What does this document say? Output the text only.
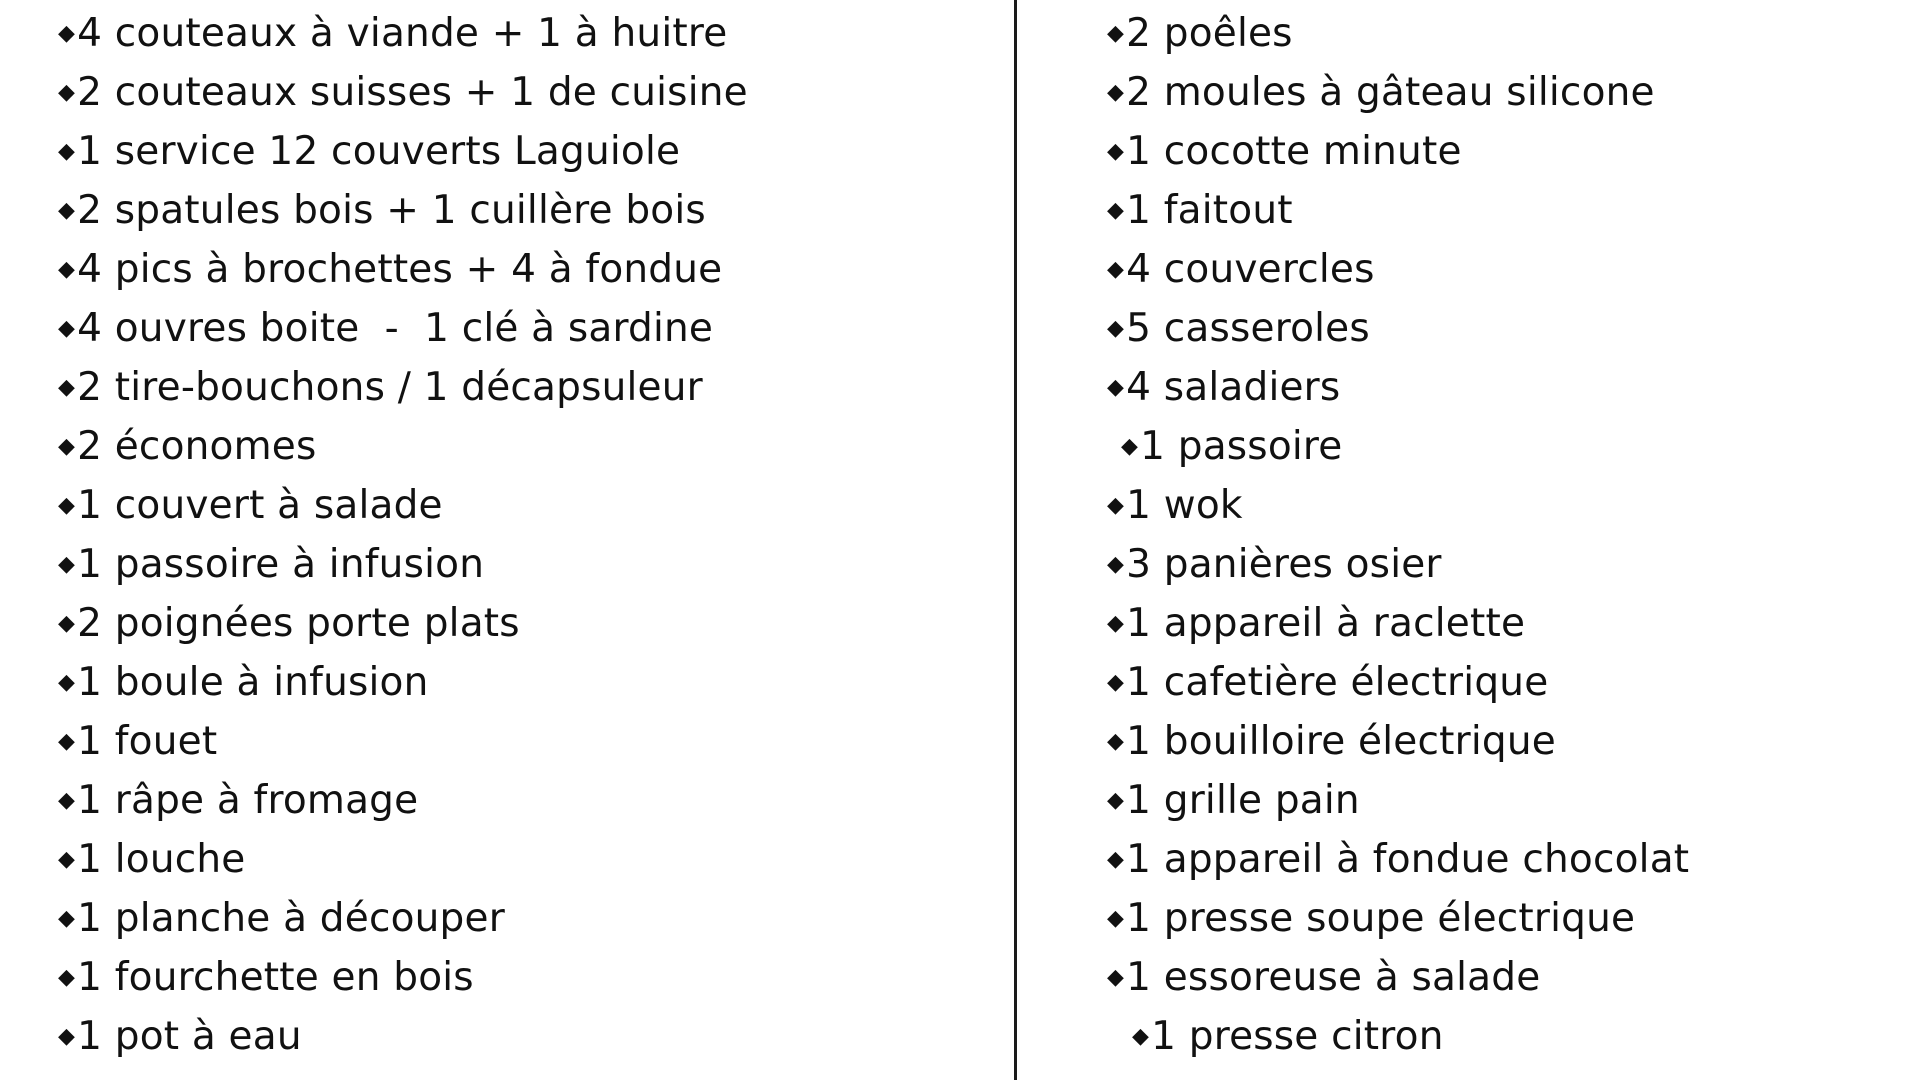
◆4 couteaux à viande + 1 à huitre
◆2 couteaux suisses + 1 de cuisine
◆1 service 12 couverts Laguiole
◆2 spatules bois + 1 cuillère bois
◆4 pics à brochettes + 4 à fondue
◆4 ouvres boite  -  1 clé à sardine
◆2 tire-bouchons / 1 décapsuleur
◆2 économes
◆1 couvert à salade
◆1 passoire à infusion
◆2 poignées porte plats
◆1 boule à infusion
◆1 fouet
◆1 râpe à fromage
◆1 louche
◆1 planche à découper
◆1 fourchette en bois
◆1 pot à eau
◆2 poêles
◆2 moules à gâteau silicone
◆1 cocotte minute
◆1 faitout
◆4 couvercles
◆5 casseroles
◆4 saladiers
◆1 passoire
◆1 wok
◆3 panières osier
◆1 appareil à raclette
◆1 cafetière électrique
◆1 bouilloire électrique
◆1 grille pain
◆1 appareil à fondue chocolat
◆1 presse soupe électrique
◆1 essoreuse à salade
◆1 presse citron
